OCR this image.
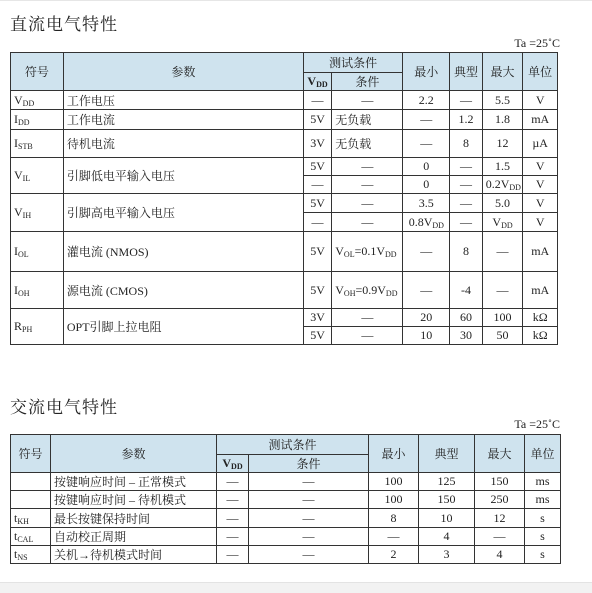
直流电气特性
Ta =25˚C
符号	参数	测试条件		最小	典型	最大	单位
		$V_{DD}$	条件				
$V_{DD}$	工作电压	—	—	2.2	—	5.5	V
$I_{DD}$	工作电流	5V	无负载	—	1.2	1.8	mA
$I_{STB}$	待机电流	3V	无负载	—	8	12	µA
$V_{IL}$	引脚低电平输入电压	5V	—	0	—	1.5	V
		—	—	0	—	$0.2V_{DD}$	V
$V_{IH}$	引脚高电平输入电压	5V	—	3.5	—	5.0	V
		—	—	$0.8V_{DD}$	—	$V_{DD}$	V
$I_{OL}$	灌电流 (NMOS)	5V	$V_{OL}=0.1V_{DD}$	—	8	—	mA
$I_{OH}$	源电流 (CMOS)	5V	$V_{OH}=0.9V_{DD}$	—	-4	—	mA
$R_{PH}$	OPT引脚上拉电阻	3V	—	20	60	100	kΩ
		5V	—	10	30	50	kΩ
交流电气特性
Ta =25˚C
符号	参数	测试条件		最小	典型	最大	单位
		$V_{DD}$	条件				
	按键响应时间 – 正常模式	—	—	100	125	150	ms
	按键响应时间 – 待机模式	—	—	100	150	250	ms
$t_{KH}$	最长按键保持时间	—	—	8	10	12	s
$t_{CAL}$	自动校正周期	—	—	—	4	—	s
$t_{NS}$	关机→待机模式时间	—	—	2	3	4	s
